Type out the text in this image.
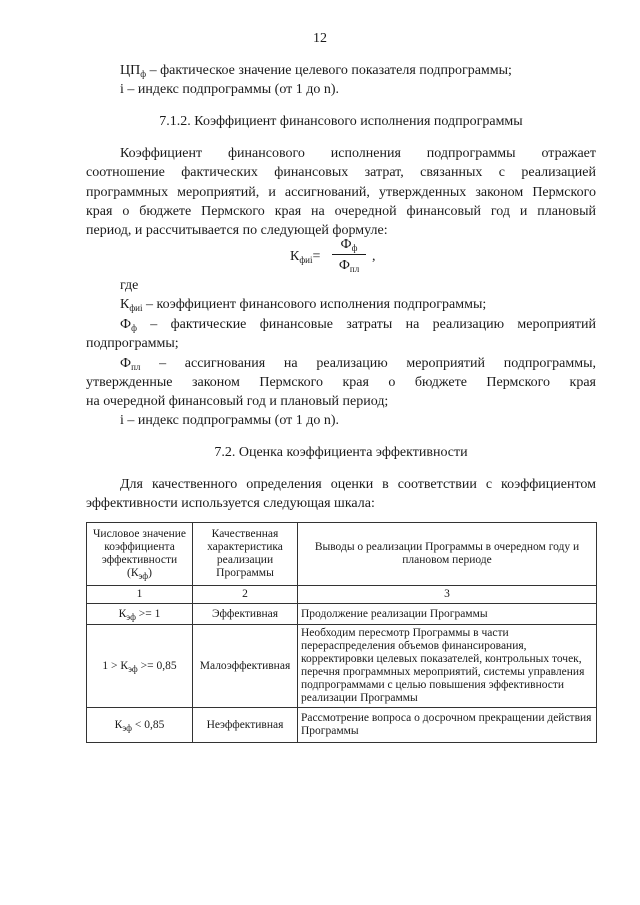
12
$ЦП_ф$ – фактическое значение целевого показателя подпрограммы;
i – индекс подпрограммы (от 1 до n).
7.1.2. Коэффициент финансового исполнения подпрограммы
Коэффициент финансового исполнения подпрограммы отражает
соотношение фактических финансовых затрат, связанных с реализацией
программных мероприятий, и ассигнований, утвержденных законом Пермского
края о бюджете Пермского края на очередной финансовый год и плановый
период, и рассчитывается по следующей формуле:
$К_{фиi}=$
$Ф_ф$
$Ф_{пл}$
,
где
$К_{фиi}$ – коэффициент финансового исполнения подпрограммы;
$Ф_ф$ – фактические финансовые затраты на реализацию мероприятий
подпрограммы;
$Ф_{пл}$ – ассигнования на реализацию мероприятий подпрограммы,
утвержденные законом Пермского края о бюджете Пермского края
на очередной финансовый год и плановый период;
i – индекс подпрограммы (от 1 до n).
7.2. Оценка коэффициента эффективности
Для качественного определения оценки в соответствии с коэффициентом
эффективности используется следующая шкала:
Числовое значение коэффициента эффективности $(К_{эф})$	Качественная характеристика реализации Программы	Выводы о реализации Программы в очередном году и плановом периоде
1	2	3
$К_{эф} >= 1$	Эффективная	Продолжение реализации Программы
$1 > К_{эф} >= 0,85$	Малоэффективная	Необходим пересмотр Программы в части перераспределения объемов финансирования, корректировки целевых показателей, контрольных точек, перечня программных мероприятий, системы управления подпрограммами с целью повышения эффективности реализации Программы
$К_{эф} < 0,85$	Неэффективная	Рассмотрение вопроса о досрочном прекращении действия Программы
